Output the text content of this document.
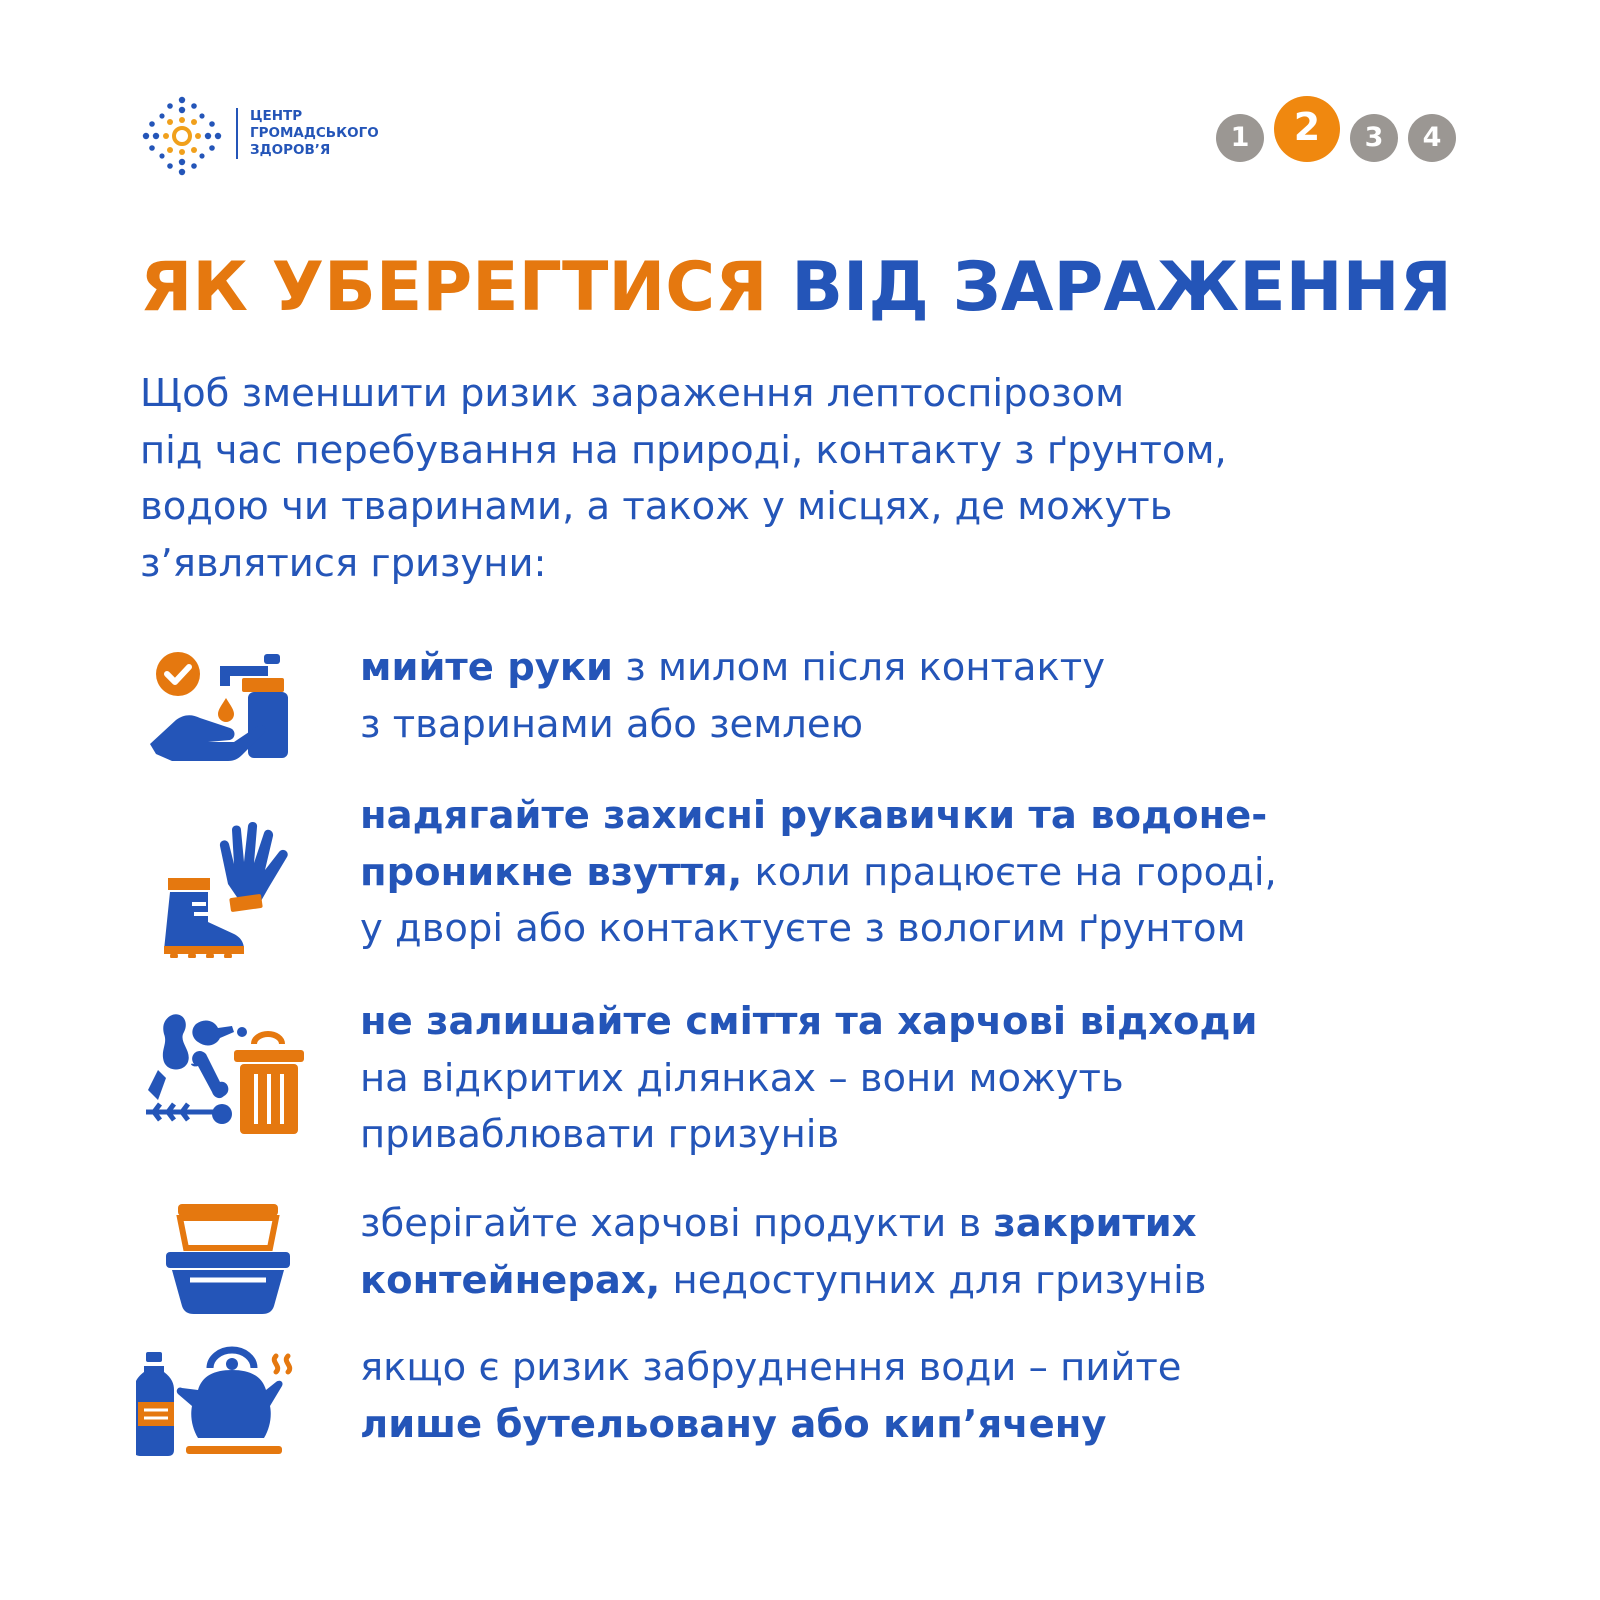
ЦЕНТР
ГРОМАДСЬКОГО
ЗДОРОВ’Я	1	2	3	4
ЯК УБЕРЕГТИСЯ ВІД ЗАРАЖЕННЯ
Щоб зменшити ризик зараження лептоспірозом
під час перебування на природі, контакту з ґрунтом,
водою чи тваринами, а також у місцях, де можуть
з’являтися гризуни:
мийте руки з милом після контакту
з тваринами або землею
надягайте захисні рукавички та водоне-
проникне взуття, коли працюєте на городі,
у дворі або контактуєте з вологим ґрунтом
не залишайте сміття та харчові відходи
на відкритих ділянках – вони можуть
приваблювати гризунів
зберігайте харчові продукти в закритих
контейнерах, недоступних для гризунів
якщо є ризик забруднення води – пийте
лише бутельовану або кип’ячену
